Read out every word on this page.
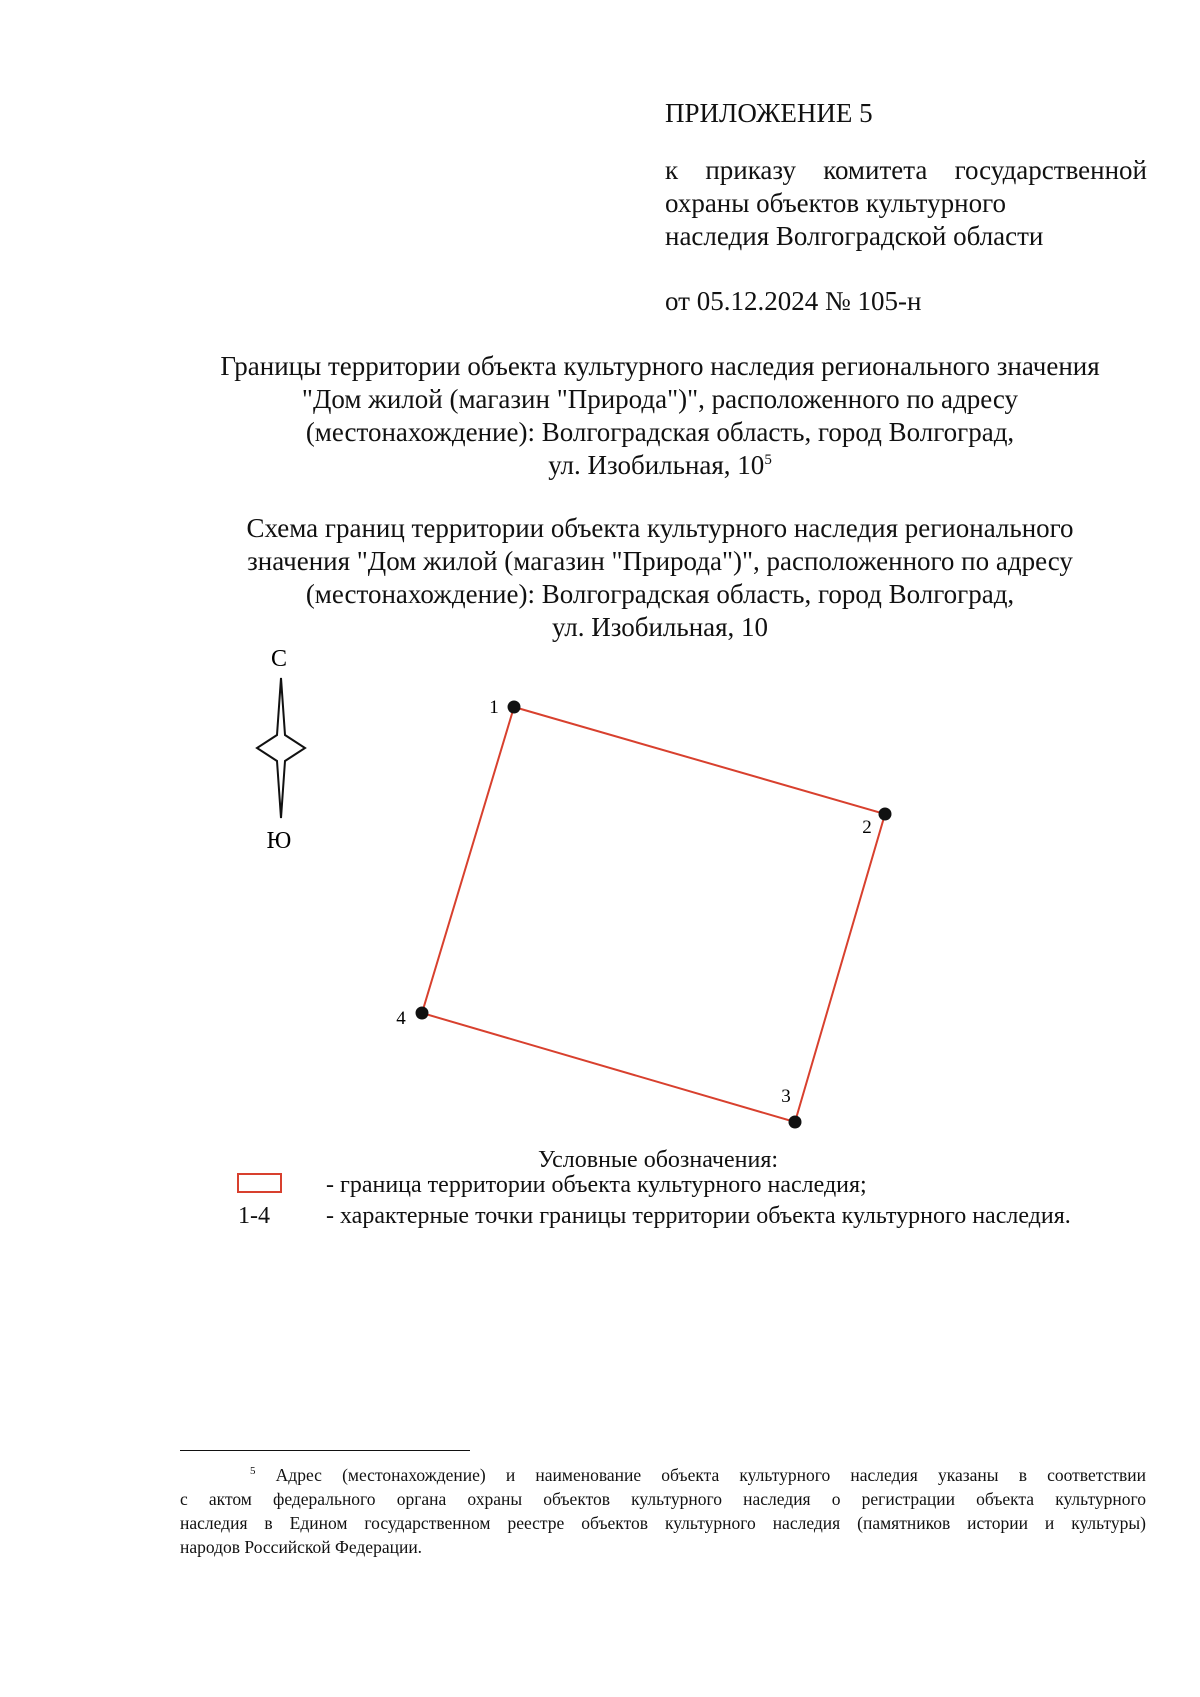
ПРИЛОЖЕНИЕ 5
к приказу комитета государственной
охраны объектов культурного
наследия Волгоградской области
от 05.12.2024 № 105-н
Границы территории объекта культурного наследия регионального значения
"Дом жилой (магазин "Природа")", расположенного по адресу
(местонахождение): Волгоградская область, город Волгоград,
ул. Изобильная, $10^5$
Схема границ территории объекта культурного наследия регионального
значения "Дом жилой (магазин "Природа")", расположенного по адресу
(местонахождение): Волгоградская область, город Волгоград,
ул. Изобильная, 10
С
Ю
1
2
3
4
Условные обозначения:
- граница территории объекта культурного наследия;
1-4 - характерные точки границы территории объекта культурного наследия.
$^5$ Адрес (местонахождение) и наименование объекта культурного наследия указаны в соответствии
с актом федерального органа охраны объектов культурного наследия о регистрации объекта культурного
наследия в Едином государственном реестре объектов культурного наследия (памятников истории и культуры)
народов Российской Федерации.
